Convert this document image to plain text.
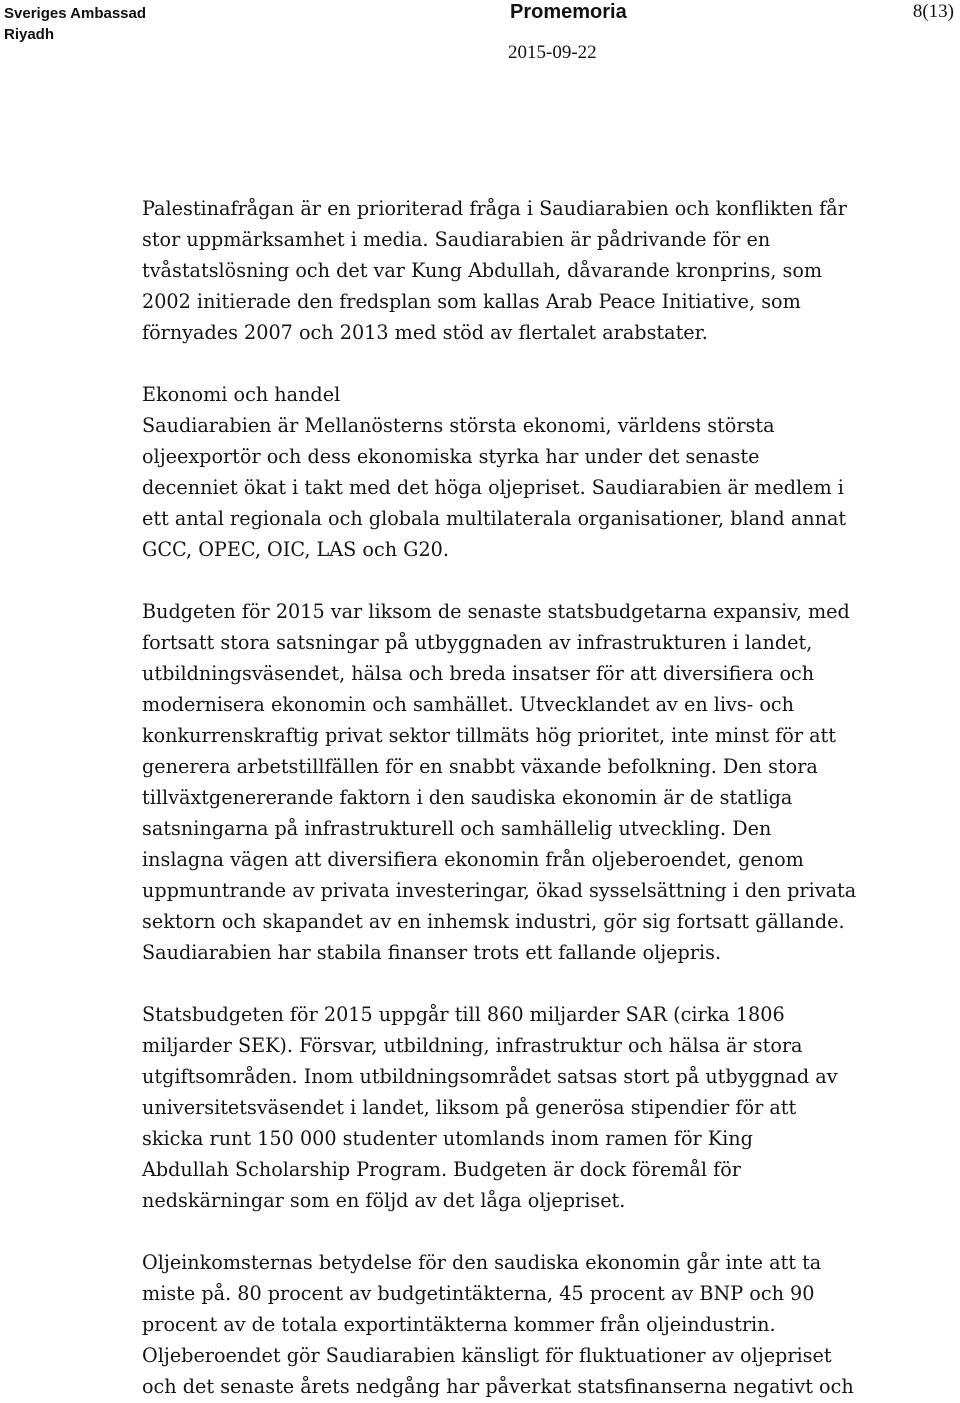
Sveriges Ambassad
Riyadh
Promemoria
2015-09-22
8(13)

Palestinafrågan är en prioriterad fråga i Saudiarabien och konflikten får
stor uppmärksamhet i media. Saudiarabien är pådrivande för en
tvåstatslösning och det var Kung Abdullah, dåvarande kronprins, som
2002 initierade den fredsplan som kallas Arab Peace Initiative, som
förnyades 2007 och 2013 med stöd av flertalet arabstater.

Ekonomi och handel
Saudiarabien är Mellanösterns största ekonomi, världens största
oljeexportör och dess ekonomiska styrka har under det senaste
decenniet ökat i takt med det höga oljepriset. Saudiarabien är medlem i
ett antal regionala och globala multilaterala organisationer, bland annat
GCC, OPEC, OIC, LAS och G20.

Budgeten för 2015 var liksom de senaste statsbudgetarna expansiv, med
fortsatt stora satsningar på utbyggnaden av infrastrukturen i landet,
utbildningsväsendet, hälsa och breda insatser för att diversifiera och
modernisera ekonomin och samhället. Utvecklandet av en livs- och
konkurrenskraftig privat sektor tillmäts hög prioritet, inte minst för att
generera arbetstillfällen för en snabbt växande befolkning. Den stora
tillväxtgenererande faktorn i den saudiska ekonomin är de statliga
satsningarna på infrastrukturell och samhällelig utveckling. Den
inslagna vägen att diversifiera ekonomin från oljeberoendet, genom
uppmuntrande av privata investeringar, ökad sysselsättning i den privata
sektorn och skapandet av en inhemsk industri, gör sig fortsatt gällande.
Saudiarabien har stabila finanser trots ett fallande oljepris.

Statsbudgeten för 2015 uppgår till 860 miljarder SAR (cirka 1806
miljarder SEK). Försvar, utbildning, infrastruktur och hälsa är stora
utgiftsområden. Inom utbildningsområdet satsas stort på utbyggnad av
universitetsväsendet i landet, liksom på generösa stipendier för att
skicka runt 150 000 studenter utomlands inom ramen för King
Abdullah Scholarship Program. Budgeten är dock föremål för
nedskärningar som en följd av det låga oljepriset.

Oljeinkomsternas betydelse för den saudiska ekonomin går inte att ta
miste på. 80 procent av budgetintäkterna, 45 procent av BNP och 90
procent av de totala exportintäkterna kommer från oljeindustrin.
Oljeberoendet gör Saudiarabien känsligt för fluktuationer av oljepriset
och det senaste årets nedgång har påverkat statsfinanserna negativt och
